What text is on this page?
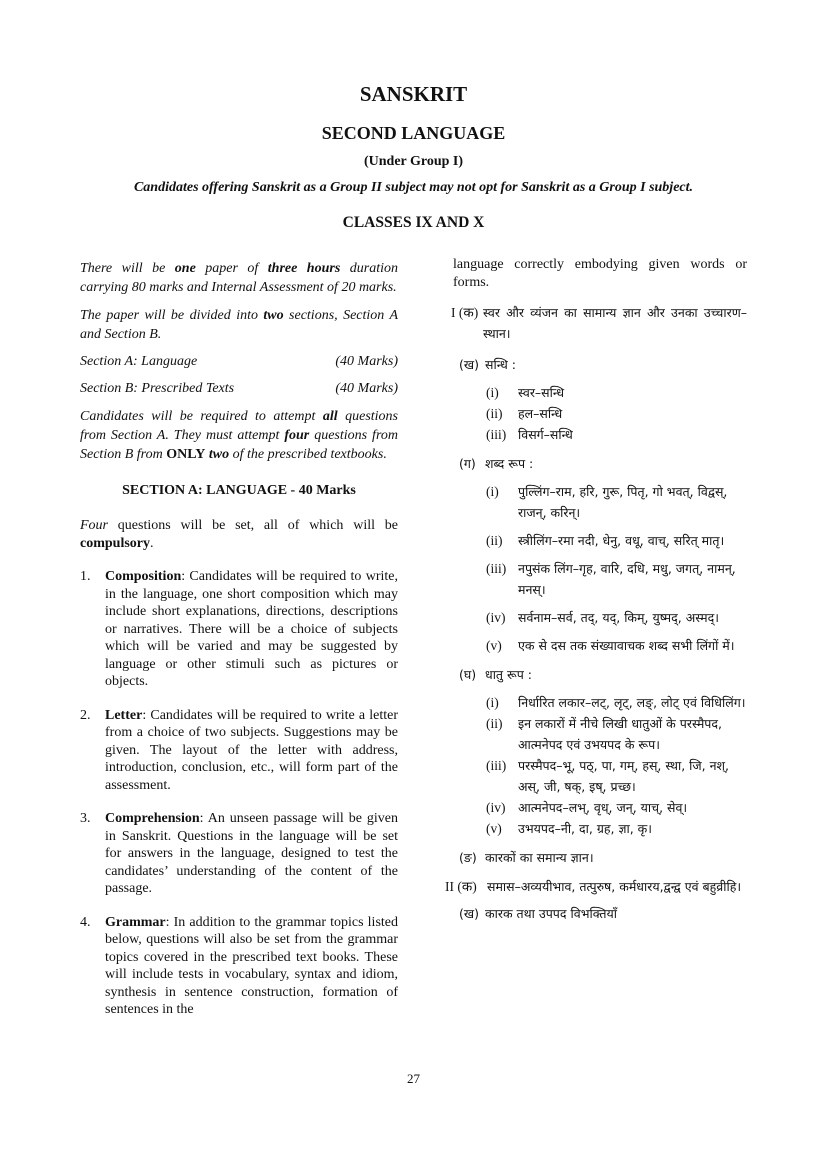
SANSKRIT
SECOND LANGUAGE
(Under Group I)
Candidates offering Sanskrit as a Group II subject may not opt for Sanskrit as a Group I subject.
CLASSES IX AND X

There will be one paper of three hours duration carrying 80 marks and Internal Assessment of 20 marks.

The paper will be divided into two sections, Section A and Section B.

Section A: Language	(40 Marks)
Section B: Prescribed Texts	(40 Marks)

Candidates will be required to attempt all questions from Section A. They must attempt four questions from Section B from ONLY two of the prescribed textbooks.

SECTION A: LANGUAGE - 40 Marks

Four questions will be set, all of which will be compulsory.

1.	Composition: Candidates will be required to write, in the language, one short composition which may include short explanations, directions, descriptions or narratives. There will be a choice of subjects which will be varied and may be suggested by language or other stimuli such as pictures or objects.
2.	Letter: Candidates will be required to write a letter from a choice of two subjects. Suggestions may be given. The layout of the letter with address, introduction, conclusion, etc., will form part of the assessment.
3.	Comprehension: An unseen passage will be given in Sanskrit. Questions in the language will be set for answers in the language, designed to test the candidates’ understanding of the content of the passage.
4.	Grammar: In addition to the grammar topics listed below, questions will also be set from the grammar topics covered in the prescribed text books. These will include tests in vocabulary, syntax and idiom, synthesis in sentence construction, formation of sentences in the

language correctly embodying given words or forms.

I (क) स्वर और व्यंजन का सामान्य ज्ञान और उनका उच्चारण–स्थान।
(ख) सन्धि :
(i)	स्वर–सन्धि
(ii)	हल–सन्धि
(iii) विसर्ग–सन्धि
(ग) शब्द रूप :
(i)	पुल्लिंग–राम, हरि, गुरू, पितृ, गो भवत्, विद्वस्, राजन्, करिन्।
(ii)	स्त्रीलिंग–रमा नदी, धेनु, वधू, वाच्, सरित् मातृ।
(iii) नपुसंक लिंग–गृह, वारि, दधि, मधु, जगत्, नामन्, मनस्।
(iv)	सर्वनाम–सर्व, तद्, यद्, किम्, युष्मद्, अस्मद्।
(v)	एक से दस तक संख्यावाचक शब्द सभी लिंगों में।
(घ) धातु रूप :
(i)	निर्धारित लकार–लट्, लृट्, लङ्, लोट् एवं विधिलिंग।
(ii)	इन लकारों में नीचे लिखी धातुओं के परस्मैपद, आत्मनेपद एवं उभयपद के रूप।
(iii) परस्मैपद–भू, पठ्, पा, गम्, हस्, स्था, जि, नश्, अस्, जी, षक्, इष्, प्रच्छ।
(iv)	आत्मनेपद–लभ्, वृध्, जन्, याच्, सेव्।
(v)	उभयपद–नी, दा, ग्रह, ज्ञा, कृ।
(ङ) कारकों का समान्य ज्ञान।
II (क) समास–अव्ययीभाव, तत्पुरुष, कर्मधारय,द्वन्द्व एवं बहुव्रीहि।
(ख) कारक तथा उपपद विभक्तियाँ
27
